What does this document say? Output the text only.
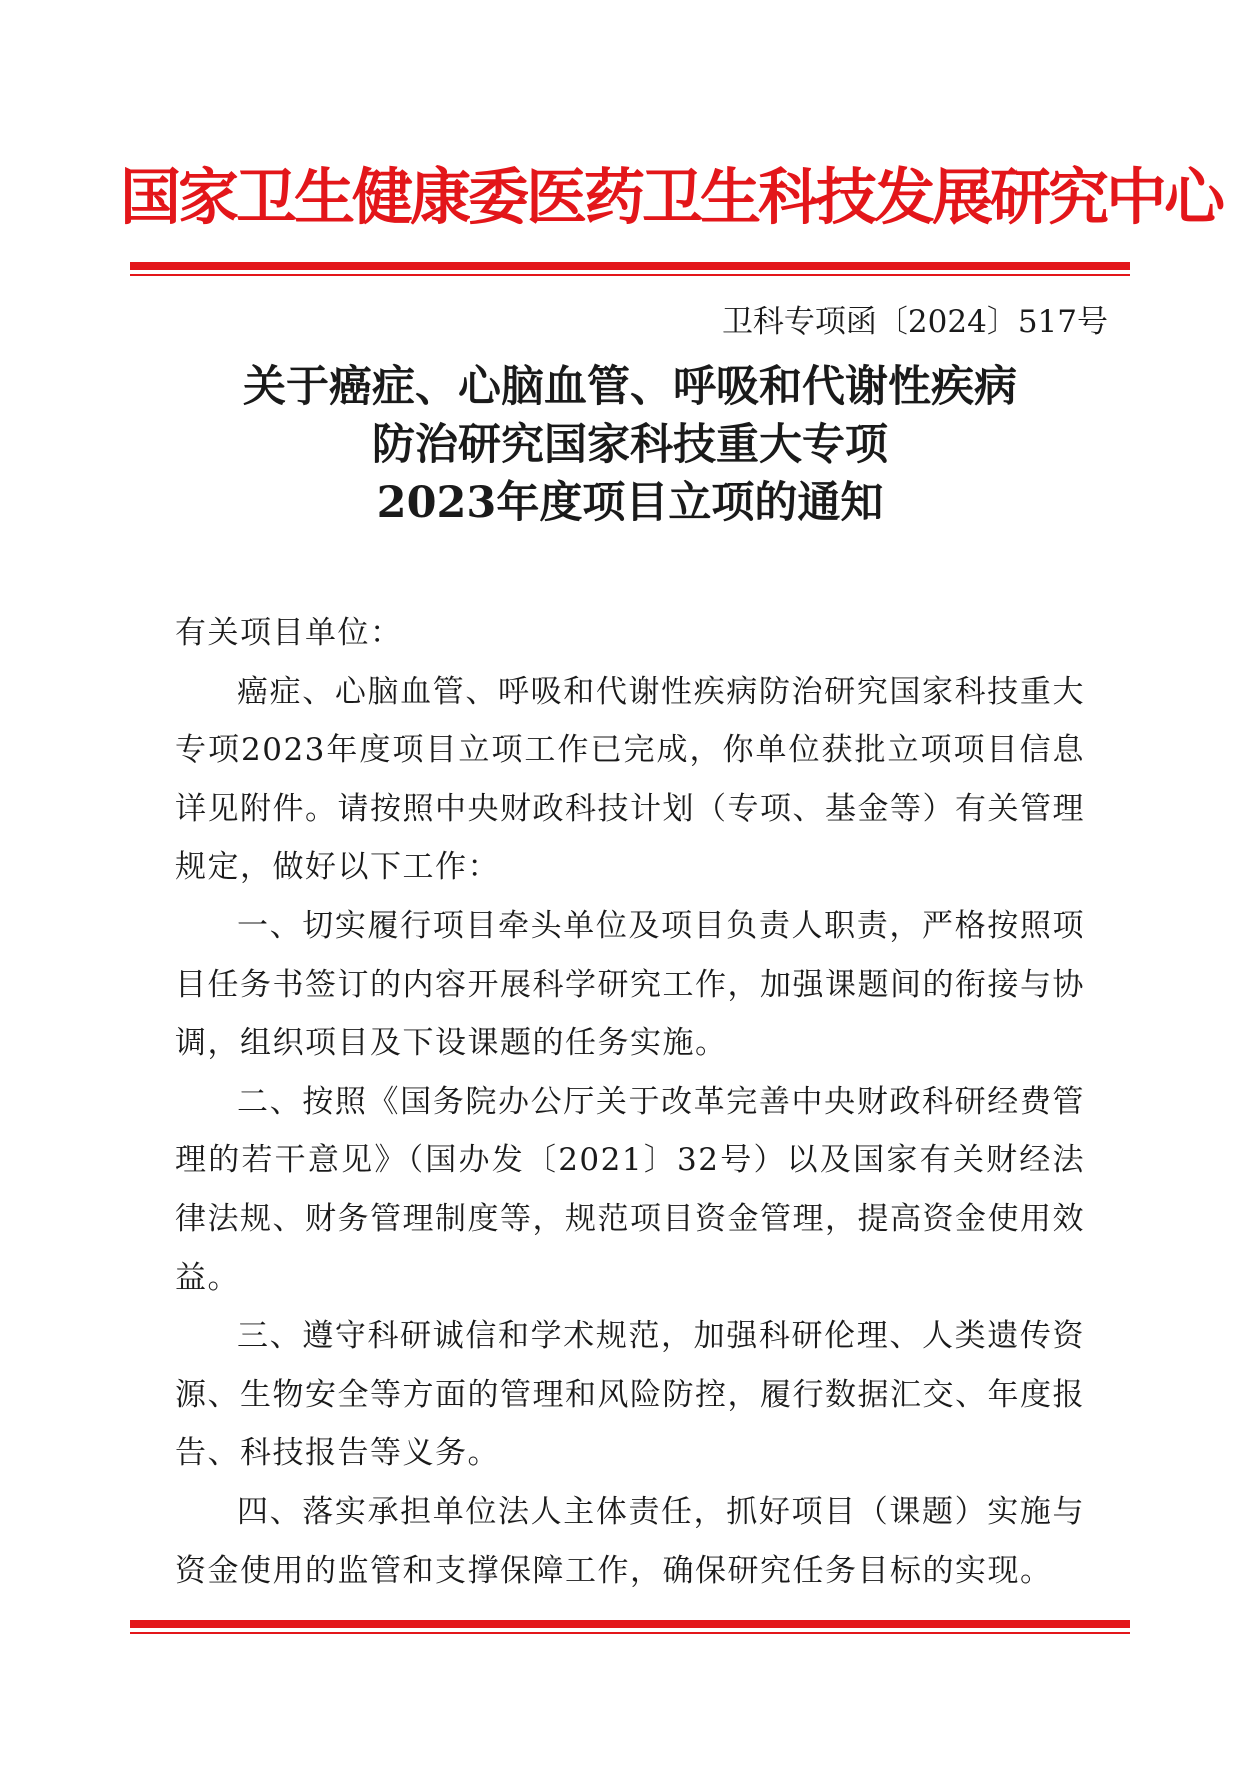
国家卫生健康委医药卫生科技发展研究中心
卫科专项函〔2024〕517号
关于癌症、心脑血管、呼吸和代谢性疾病
防治研究国家科技重大专项
2023年度项目立项的通知

有关项目单位：

癌症、心脑血管、呼吸和代谢性疾病防治研究国家科技重大专项2023年度项目立项工作已完成，你单位获批立项项目信息详见附件。请按照中央财政科技计划（专项、基金等）有关管理规定，做好以下工作：

一、切实履行项目牵头单位及项目负责人职责，严格按照项目任务书签订的内容开展科学研究工作，加强课题间的衔接与协调，组织项目及下设课题的任务实施。

二、按照《国务院办公厅关于改革完善中央财政科研经费管理的若干意见》（国办发〔2021〕32号）以及国家有关财经法律法规、财务管理制度等，规范项目资金管理，提高资金使用效益。

三、遵守科研诚信和学术规范，加强科研伦理、人类遗传资源、生物安全等方面的管理和风险防控，履行数据汇交、年度报告、科技报告等义务。

四、落实承担单位法人主体责任，抓好项目（课题）实施与资金使用的监管和支撑保障工作，确保研究任务目标的实现。
